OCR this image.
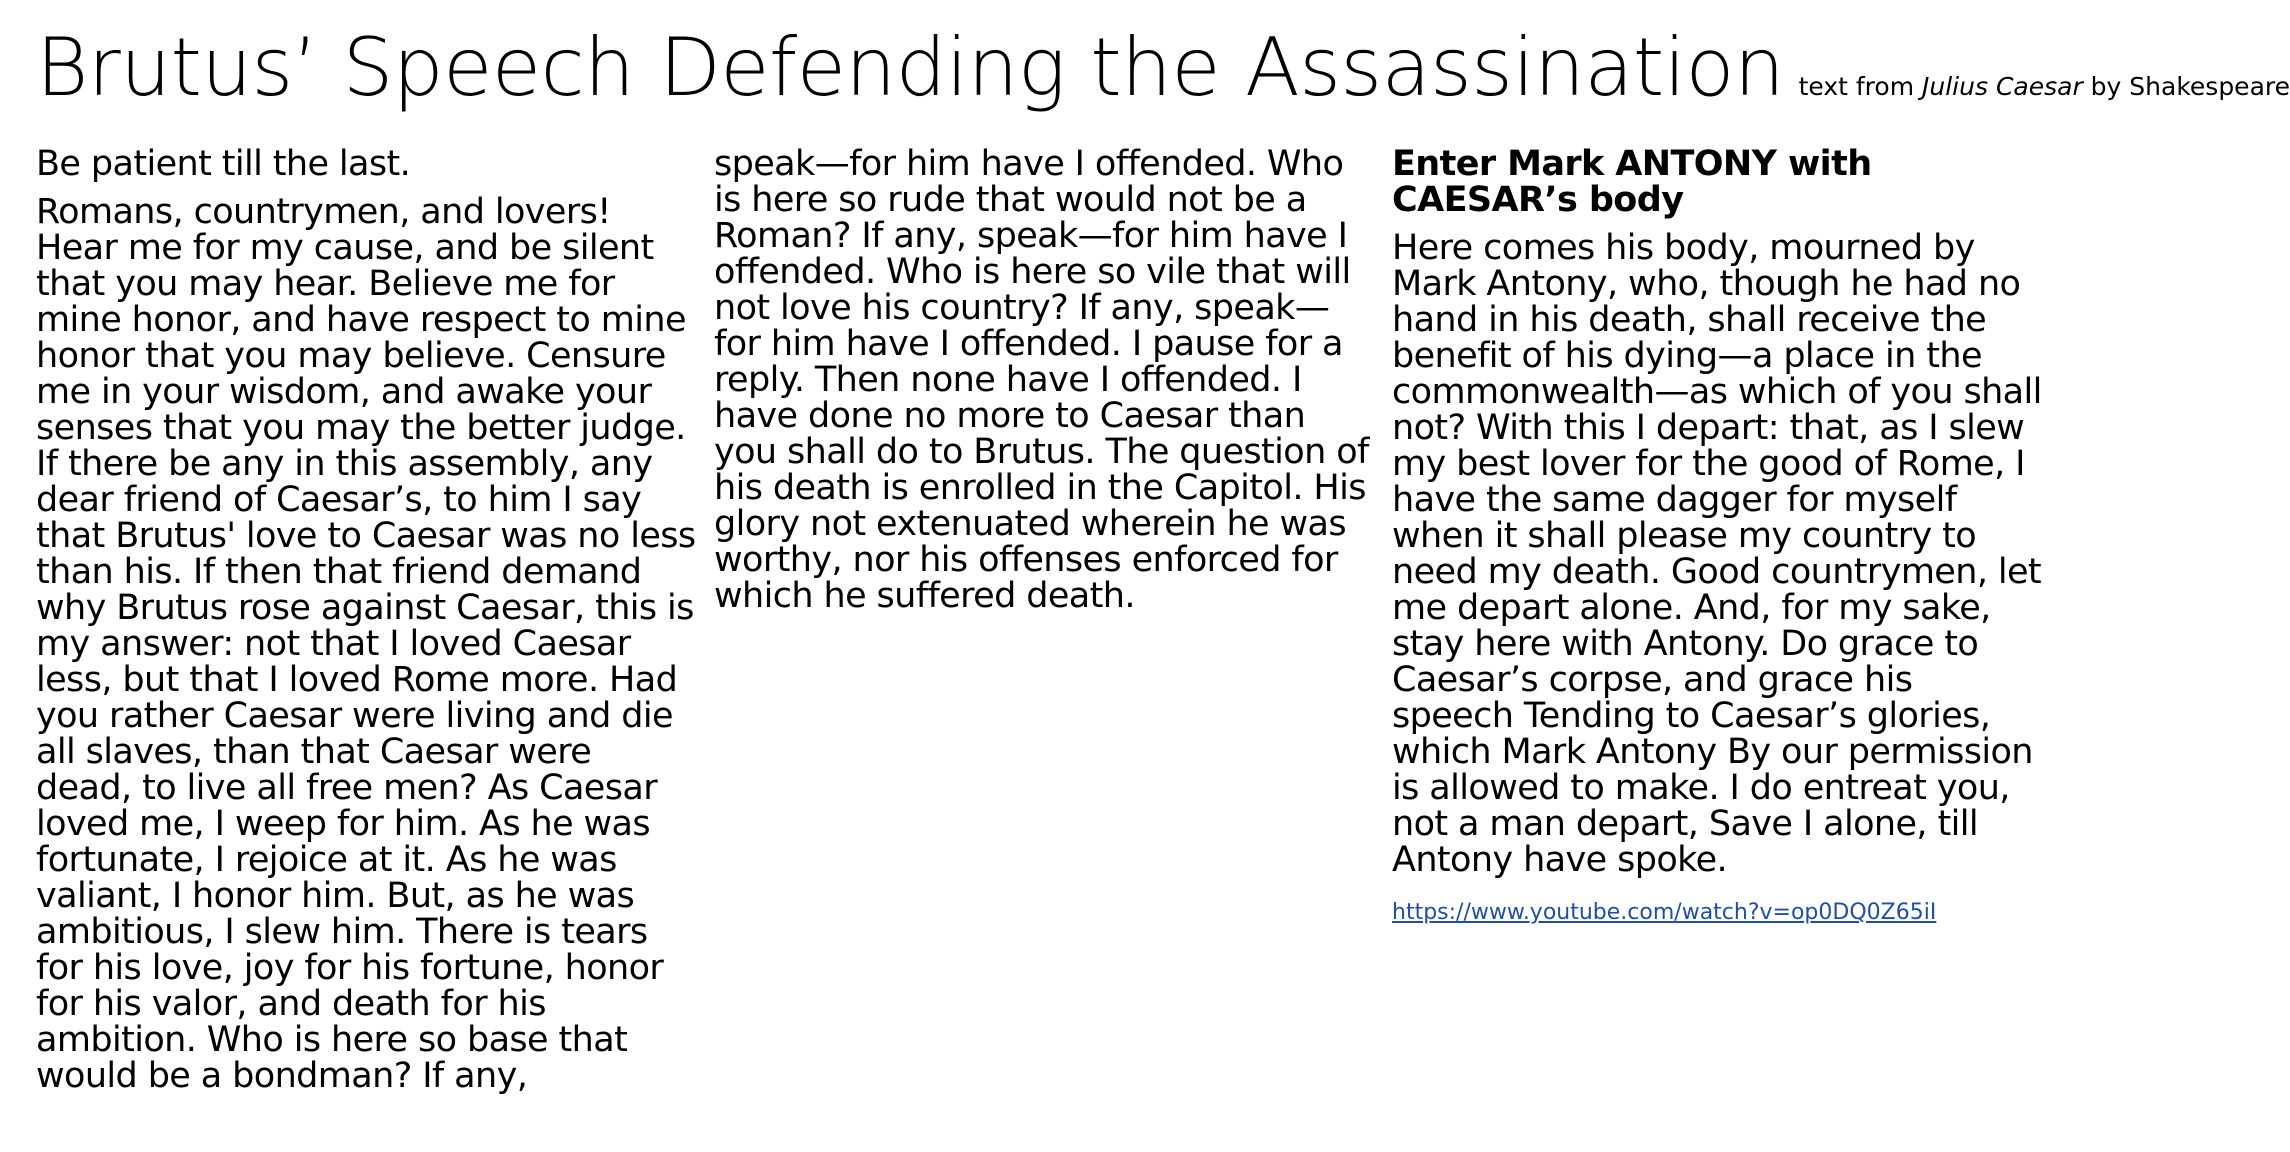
Brutus’ Speech Defending the Assassination text from Julius Caesar by Shakespeare

Be patient till the last.

Romans, countrymen, and lovers! Hear me for my cause, and be silent that you may hear. Believe me for mine honor, and have respect to mine honor that you may believe. Censure me in your wisdom, and awake your senses that you may the better judge. If there be any in this assembly, any dear friend of Caesar’s, to him I say that Brutus' love to Caesar was no less than his. If then that friend demand why Brutus rose against Caesar, this is my answer: not that I loved Caesar less, but that I loved Rome more. Had you rather Caesar were living and die all slaves, than that Caesar were dead, to live all free men? As Caesar loved me, I weep for him. As he was fortunate, I rejoice at it. As he was valiant, I honor him. But, as he was ambitious, I slew him. There is tears for his love, joy for his fortune, honor for his valor, and death for his ambition. Who is here so base that would be a bondman? If any,

speak—for him have I offended. Who is here so rude that would not be a Roman? If any, speak—for him have I offended. Who is here so vile that will not love his country? If any, speak—for him have I offended. I pause for a reply. Then none have I offended. I have done no more to Caesar than you shall do to Brutus. The question of his death is enrolled in the Capitol. His glory not extenuated wherein he was worthy, nor his offenses enforced for which he suffered death.

Enter Mark ANTONY with CAESAR’s body

Here comes his body, mourned by Mark Antony, who, though he had no hand in his death, shall receive the benefit of his dying—a place in the commonwealth—as which of you shall not? With this I depart: that, as I slew my best lover for the good of Rome, I have the same dagger for myself when it shall please my country to need my death. Good countrymen, let me depart alone. And, for my sake, stay here with Antony. Do grace to Caesar’s corpse, and grace his speech Tending to Caesar’s glories, which Mark Antony By our permission is allowed to make. I do entreat you, not a man depart, Save I alone, till Antony have spoke.

https://www.youtube.com/watch?v=op0DQ0Z65iI
